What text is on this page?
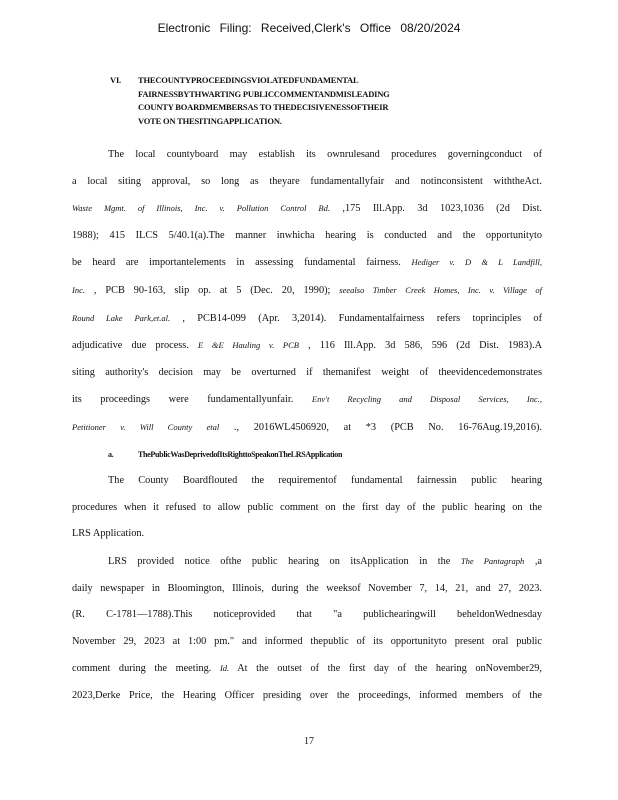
Electronic Filing: Received,Clerk's Office 08/20/2024
VI. THECOUNTYPROCEEDINGSVIOLATEDFUNDAMENTAL
FAIRNESSBYTHWARTING PUBLICCOMMENTANDMISLEADING
COUNTY BOARDMEMBERSAS TO THEDECISIVENESSOFTHEIR
VOTE ON THESITINGAPPLICATION.

The local countyboard may establish its ownrulesand procedures governingconduct of

a local siting approval, so long as theyare fundamentallyfair and notinconsistent withtheAct.

Waste Mgmt. of Illinois, Inc. v. Pollution Control Bd. ,175 Ill.App. 3d 1023,1036 (2d Dist.

1988); 415 ILCS 5/40.1(a).The manner inwhicha hearing is conducted and the opportunityto

be heard are importantelements in assessing fundamental fairness. Hediger v. D & L Landfill,

Inc. , PCB 90-163, slip op. at 5 (Dec. 20, 1990); seealso Timber Creek Homes, Inc. v. Village of

Round Lake Park,et.al. , PCB14-099 (Apr. 3,2014). Fundamentalfairness refers toprinciples of

adjudicative due process. E &E Hauling v. PCB , 116 Ill.App. 3d 586, 596 (2d Dist. 1983).A

siting authority's decision may be overturned if themanifest weight of theevidencedemonstrates

its proceedings were fundamentallyunfair. Env't Recycling and Disposal Services, Inc.,

Petitioner v. Will County etal ., 2016WL4506920, at *3 (PCB No. 16-76Aug.19,2016).

a.	ThePublicWasDeprivedofItsRighttoSpeakonTheLRSApplication

The County Boardflouted the requirementof fundamental fairnessin public hearing

procedures when it refused to allow public comment on the first day of the public hearing on the

LRS Application.

LRS provided notice ofthe public hearing on itsApplication in the The Pantagraph ,a

daily newspaper in Bloomington, Illinois, during the weeksof November 7, 14, 21, and 27, 2023.

(R. C-1781—1788).This noticeprovided that "a publichearingwill beheldonWednesday

November 29, 2023 at 1:00 pm." and informed thepublic of its opportunityto present oral public

comment during the meeting. Id. At the outset of the first day of the hearing onNovember29,

2023,Derke Price, the Hearing Officer presiding over the proceedings, informed members of the

17
